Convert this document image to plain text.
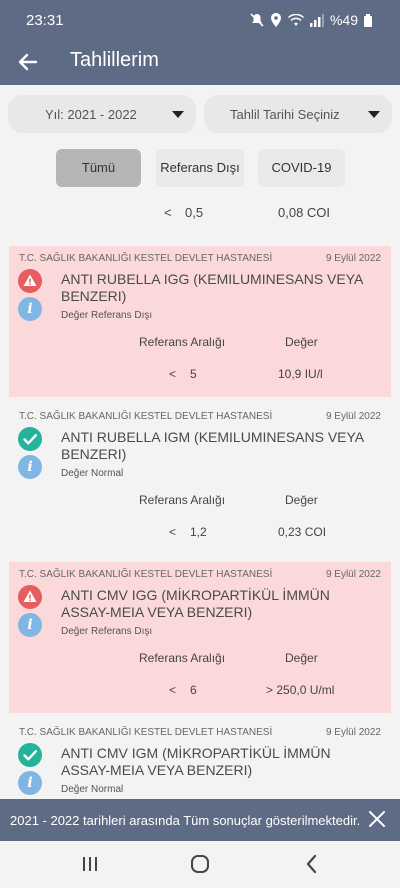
23:31	%49
Tahlillerim
Yıl: 2021 - 2022	Tahlil Tarihi Seçiniz
Tümü	Referans Dışı	COVID-19
< 0,5	0,08 COI
T.C. SAĞLIK BAKANLIĞI KESTEL DEVLET HASTANESİ	9 Eylül 2022
i
ANTI RUBELLA IGG (KEMILUMINESANS VEYA BENZERI)
Değer Referans Dışı
Referans Aralığı	Değer
< 5	10,9 IU/l
T.C. SAĞLIK BAKANLIĞI KESTEL DEVLET HASTANESİ	9 Eylül 2022
i
ANTI RUBELLA IGM (KEMILUMINESANS VEYA BENZERI)
Değer Normal
Referans Aralığı	Değer
< 1,2	0,23 COI
T.C. SAĞLIK BAKANLIĞI KESTEL DEVLET HASTANESİ	9 Eylül 2022
i
ANTI CMV IGG (MİKROPARTİKÜL İMMÜN ASSAY-MEIA VEYA BENZERI)
Değer Referans Dışı
Referans Aralığı	Değer
< 6	> 250,0 U/ml
T.C. SAĞLIK BAKANLIĞI KESTEL DEVLET HASTANESİ	9 Eylül 2022
i
ANTI CMV IGM (MİKROPARTİKÜL İMMÜN ASSAY-MEIA VEYA BENZERI)
Değer Normal
2021 - 2022 tarihleri arasında Tüm sonuçlar gösterilmektedir.
